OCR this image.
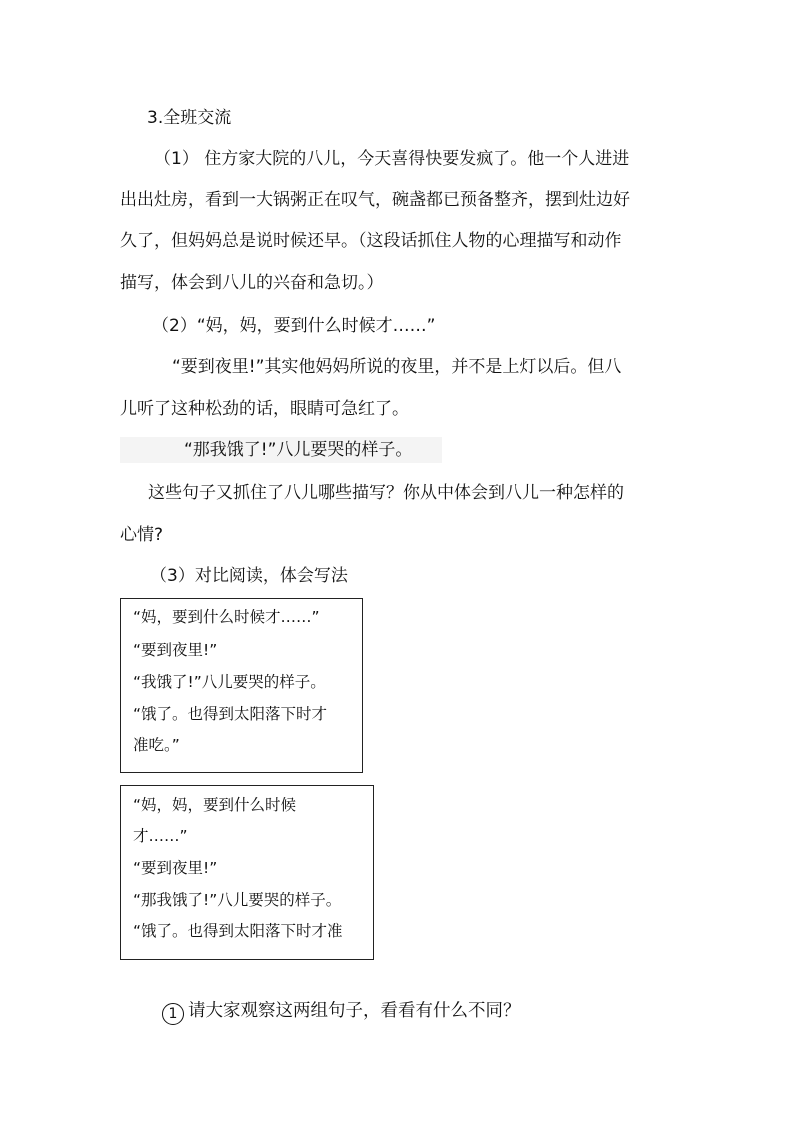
3.全班交流
（1） 住方家大院的八儿，今天喜得快要发疯了。他一个人进进
出出灶房，看到一大锅粥正在叹气，碗盏都已预备整齐，摆到灶边好
久了，但妈妈总是说时候还早。（这段话抓住人物的心理描写和动作
描写，体会到八儿的兴奋和急切。）
（2）“妈，妈，要到什么时候才……”
“要到夜里!”其实他妈妈所说的夜里，并不是上灯以后。但八
儿听了这种松劲的话，眼睛可急红了。
“那我饿了!”八儿要哭的样子。
这些句子又抓住了八儿哪些描写？你从中体会到八儿一种怎样的
心情?
（3）对比阅读，体会写法
“妈，要到什么时候才……”
“要到夜里!”
“我饿了!”八儿要哭的样子。
“饿了。也得到太阳落下时才
准吃。”
“妈，妈，要到什么时候
才……”
“要到夜里!”
“那我饿了!”八儿要哭的样子。
“饿了。也得到太阳落下时才准
1 请大家观察这两组句子，看看有什么不同？
